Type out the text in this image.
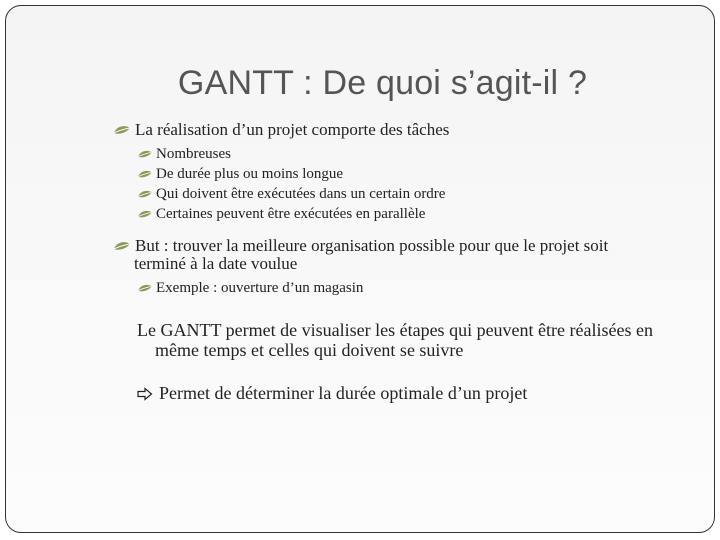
GANTT : De quoi s’agit-il ?
La réalisation d’un projet comporte des tâches
Nombreuses
De durée plus ou moins longue
Qui doivent être exécutées dans un certain ordre
Certaines peuvent être exécutées en parallèle
But : trouver la meilleure organisation possible pour que le projet soit
terminé à la date voulue
Exemple : ouverture d’un magasin
Le GANTT permet de visualiser les étapes qui peuvent être réalisées en
même temps et celles qui doivent se suivre
Permet de déterminer la durée optimale d’un projet
